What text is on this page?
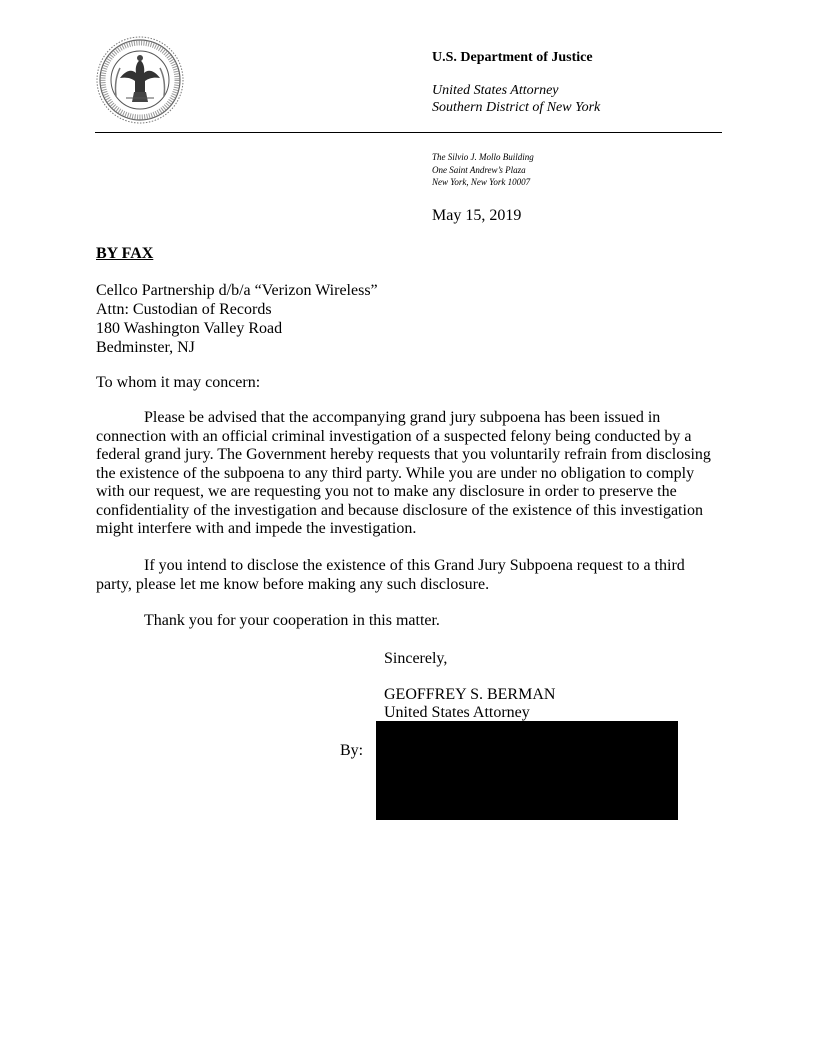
U.S. Department of Justice
United States Attorney
Southern District of New York
The Silvio J. Mollo Building
One Saint Andrew’s Plaza
New York, New York 10007
May 15, 2019
BY FAX
Cellco Partnership d/b/a “Verizon Wireless”
Attn: Custodian of Records
180 Washington Valley Road
Bedminster, NJ
To whom it may concern:
Please be advised that the accompanying grand jury subpoena has been issued in
connection with an official criminal investigation of a suspected felony being conducted by a
federal grand jury. The Government hereby requests that you voluntarily refrain from disclosing
the existence of the subpoena to any third party. While you are under no obligation to comply
with our request, we are requesting you not to make any disclosure in order to preserve the
confidentiality of the investigation and because disclosure of the existence of this investigation
might interfere with and impede the investigation.
If you intend to disclose the existence of this Grand Jury Subpoena request to a third
party, please let me know before making any such disclosure.
Thank you for your cooperation in this matter.
Sincerely,
GEOFFREY S. BERMAN
United States Attorney
By:
